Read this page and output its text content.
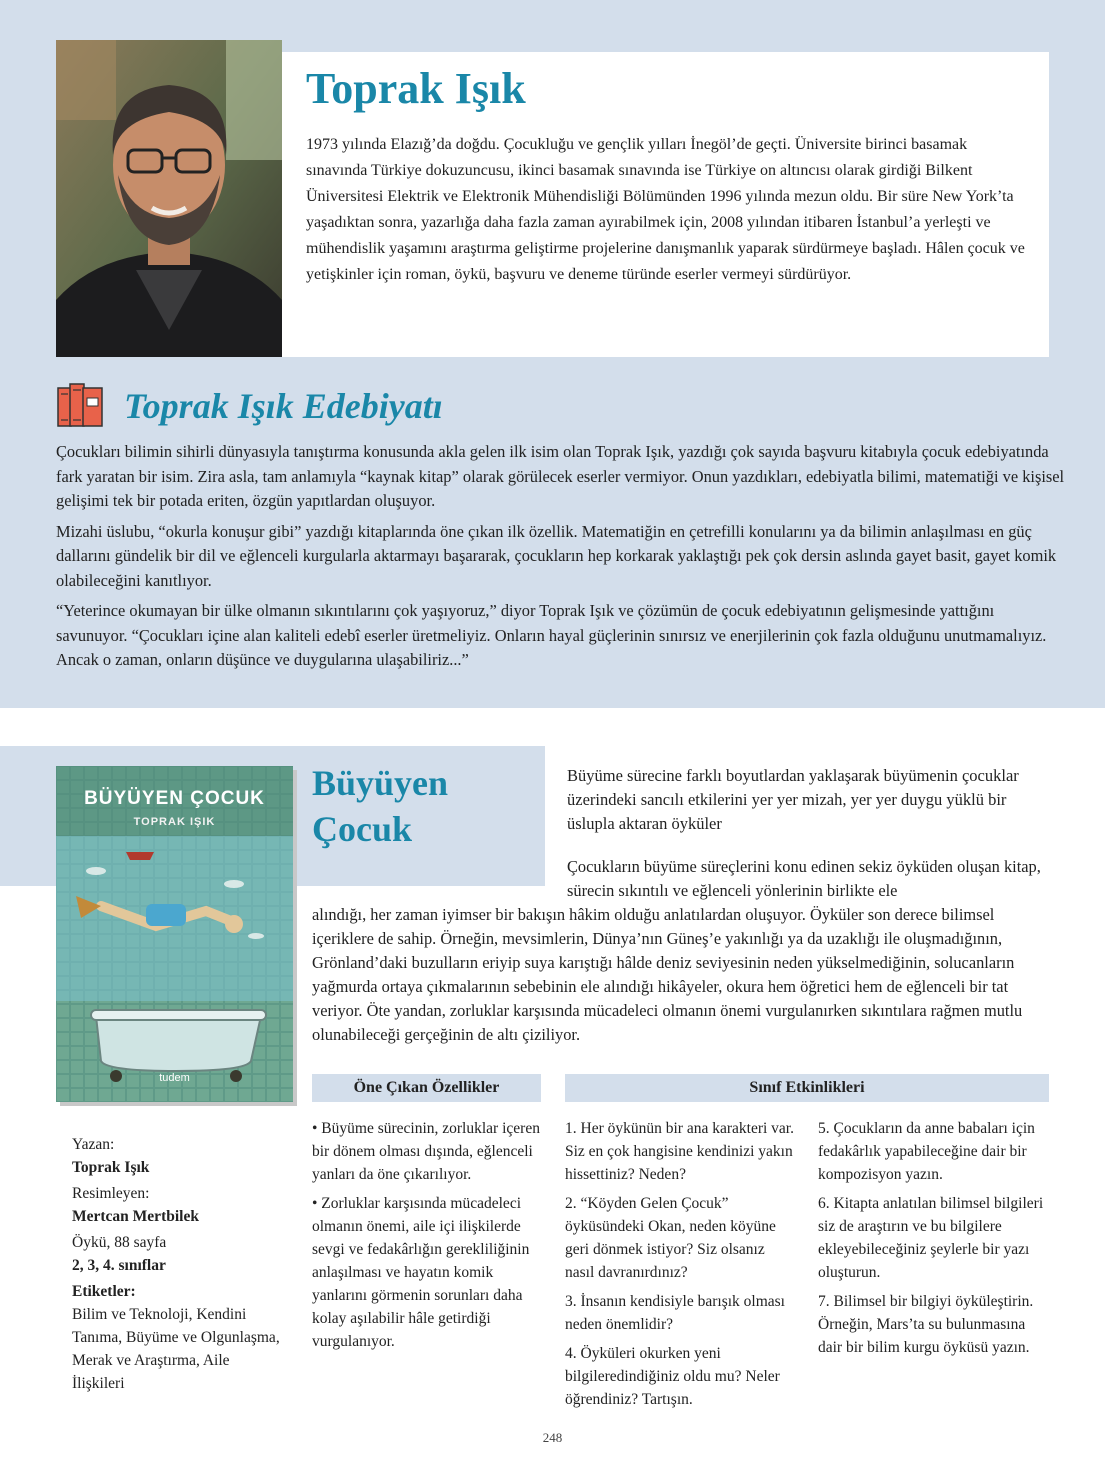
Toprak Işık

1973 yılında Elazığ’da doğdu. Çocukluğu ve gençlik yılları İnegöl’de geçti. Üniversite birinci basamak sınavında Türkiye dokuzuncusu, ikinci basamak sınavında ise Türkiye on altıncısı olarak girdiği Bilkent Üniversitesi Elektrik ve Elektronik Mühendisliği Bölümünden 1996 yılında mezun oldu. Bir süre New York’ta yaşadıktan sonra, yazarlığa daha fazla zaman ayırabilmek için, 2008 yılından itibaren İstanbul’a yerleşti ve mühendislik yaşamını araştırma geliştirme projelerine danışmanlık yaparak sürdürmeye başladı. Hâlen çocuk ve yetişkinler için roman, öykü, başvuru ve deneme türünde eserler vermeyi sürdürüyor.

Toprak Işık Edebiyatı

Çocukları bilimin sihirli dünyasıyla tanıştırma konusunda akla gelen ilk isim olan Toprak Işık, yazdığı çok sayıda başvuru kitabıyla çocuk edebiyatında fark yaratan bir isim. Zira asla, tam anlamıyla “kaynak kitap” olarak görülecek eserler vermiyor. Onun yazdıkları, edebiyatla bilimi, matematiği ve kişisel gelişimi tek bir potada eriten, özgün yapıtlardan oluşuyor.

Mizahi üslubu, “okurla konuşur gibi” yazdığı kitaplarında öne çıkan ilk özellik. Matematiğin en çetrefilli konularını ya da bilimin anlaşılması en güç dallarını gündelik bir dil ve eğlenceli kurgularla aktarmayı başararak, çocukların hep korkarak yaklaştığı pek çok dersin aslında gayet basit, gayet komik olabileceğini kanıtlıyor.

“Yeterince okumayan bir ülke olmanın sıkıntılarını çok yaşıyoruz,” diyor Toprak Işık ve çözümün de çocuk edebiyatının gelişmesinde yattığını savunuyor. “Çocukları içine alan kaliteli edebî eserler üretmeliyiz. Onların hayal güçlerinin sınırsız ve enerjilerinin çok fazla olduğunu unutmamalıyız. Ancak o zaman, onların düşünce ve duygularına ulaşabiliriz...”

BÜYÜYEN ÇOCUK
TOPRAK IŞIK
tudem
Büyüyen
Çocuk

Büyüme sürecine farklı boyutlardan yaklaşarak büyümenin çocuklar üzerindeki sancılı etkilerini yer yer mizah, yer yer duygu yüklü bir üslupla aktaran öyküler

Çocukların büyüme süreçlerini konu edinen sekiz öyküden oluşan kitap, sürecin sıkıntılı ve eğlenceli yönlerinin birlikte ele

alındığı, her zaman iyimser bir bakışın hâkim olduğu anlatılardan oluşuyor. Öyküler son derece bilimsel içeriklere de sahip. Örneğin, mevsimlerin, Dünya’nın Güneş’e yakınlığı ya da uzaklığı ile oluşmadığının, Grönland’daki buzulların eriyip suya karıştığı hâlde deniz seviyesinin neden yükselmediğinin, solucanların yağmurda ortaya çıkmalarının sebebinin ele alındığı hikâyeler, okura hem öğretici hem de eğlenceli bir tat veriyor. Öte yandan, zorluklar karşısında mücadeleci olmanın önemi vurgulanırken sıkıntılara rağmen mutlu olunabileceği gerçeğinin de altı çiziliyor.

Yazan:
Toprak Işık
Resimleyen:
Mertcan Mertbilek
Öykü, 88 sayfa
2, 3, 4. sınıflar
Etiketler:
Bilim ve Teknoloji, Kendini Tanıma, Büyüme ve Olgunlaşma, Merak ve Araştırma, Aile İlişkileri
Öne Çıkan Özellikler	Sınıf Etkinlikleri

• Büyüme sürecinin, zorluklar içeren bir dönem olması dışında, eğlenceli yanları da öne çıkarılıyor.

• Zorluklar karşısında mücadeleci olmanın önemi, aile içi ilişkilerde sevgi ve fedakârlığın gerekliliğinin anlaşılması ve hayatın komik yanlarını görmenin sorunları daha kolay aşılabilir hâle getirdiği vurgulanıyor.

1. Her öykünün bir ana karakteri var. Siz en çok hangisine kendinizi yakın hissettiniz? Neden?

2. “Köyden Gelen Çocuk” öyküsündeki Okan, neden köyüne geri dönmek istiyor? Siz olsanız nasıl davranırdınız?

3. İnsanın kendisiyle barışık olması neden önemlidir?

4. Öyküleri okurken yeni bilgileredindiğiniz oldu mu? Neler öğrendiniz? Tartışın.

5. Çocukların da anne babaları için fedakârlık yapabileceğine dair bir kompozisyon yazın.

6. Kitapta anlatılan bilimsel bilgileri siz de araştırın ve bu bilgilere ekleyebileceğiniz şeylerle bir yazı oluşturun.

7. Bilimsel bir bilgiyi öyküleştirin. Örneğin, Mars’ta su bulunmasına dair bir bilim kurgu öyküsü yazın.

248
